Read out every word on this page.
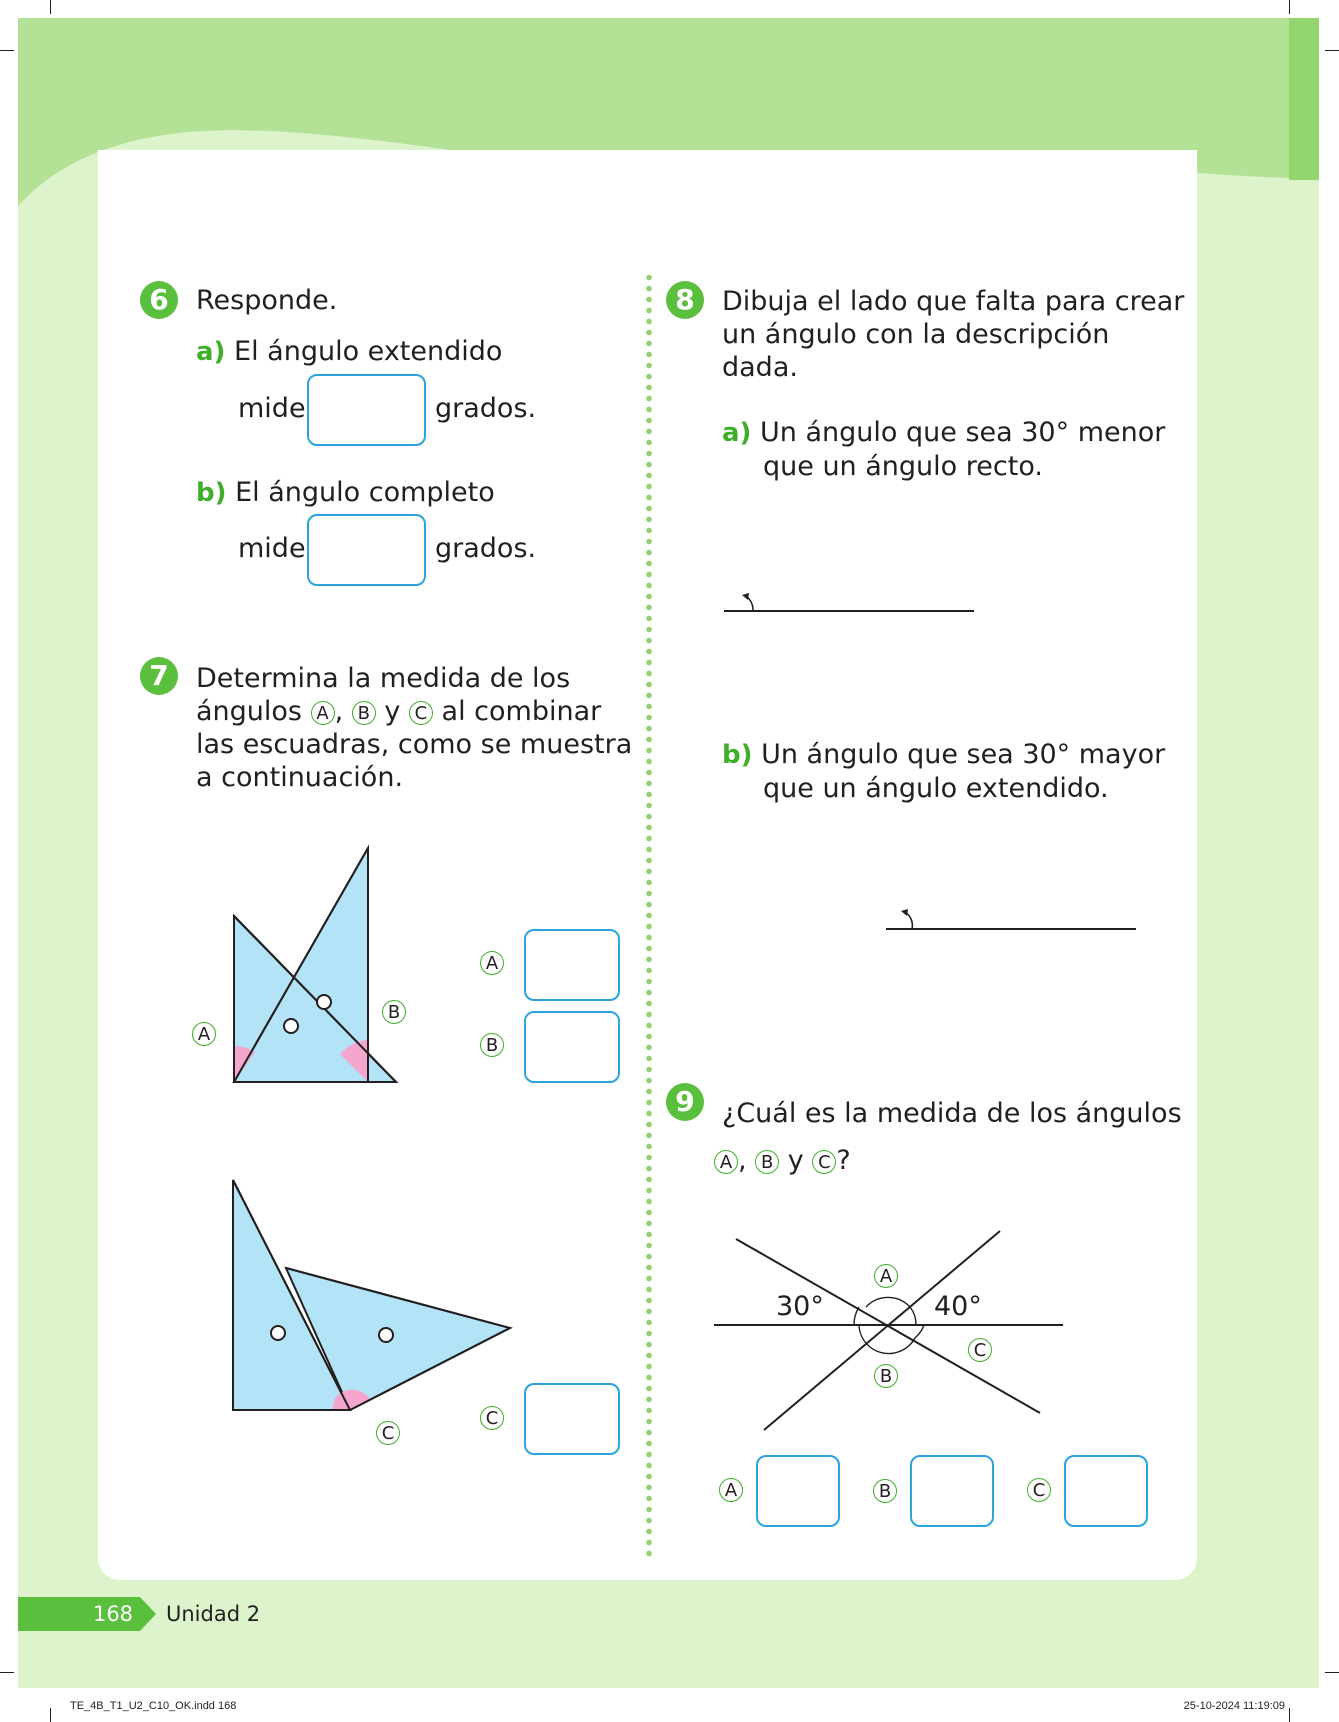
6	Responde.
a) El ángulo extendido
mide	grados.
b) El ángulo completo
mide	grados.
7	Determina la medida de los
ángulos A , B y C al combinar
las escuadras, como se muestra
a continuación.
A
B
A
B
C
C
8	Dibuja el lado que falta para crear
un ángulo con la descripción dada.
a) Un ángulo que sea 30° menor
que un ángulo recto.
b) Un ángulo que sea 30° mayor
que un ángulo extendido.
9	¿Cuál es la medida de los ángulos
A , B y C ?
30°	40°
A
C
B
A	B	C
168 Unidad 2
TE_4B_T1_U2_C10_OK.indd 168	25-10-2024 11:19:09
